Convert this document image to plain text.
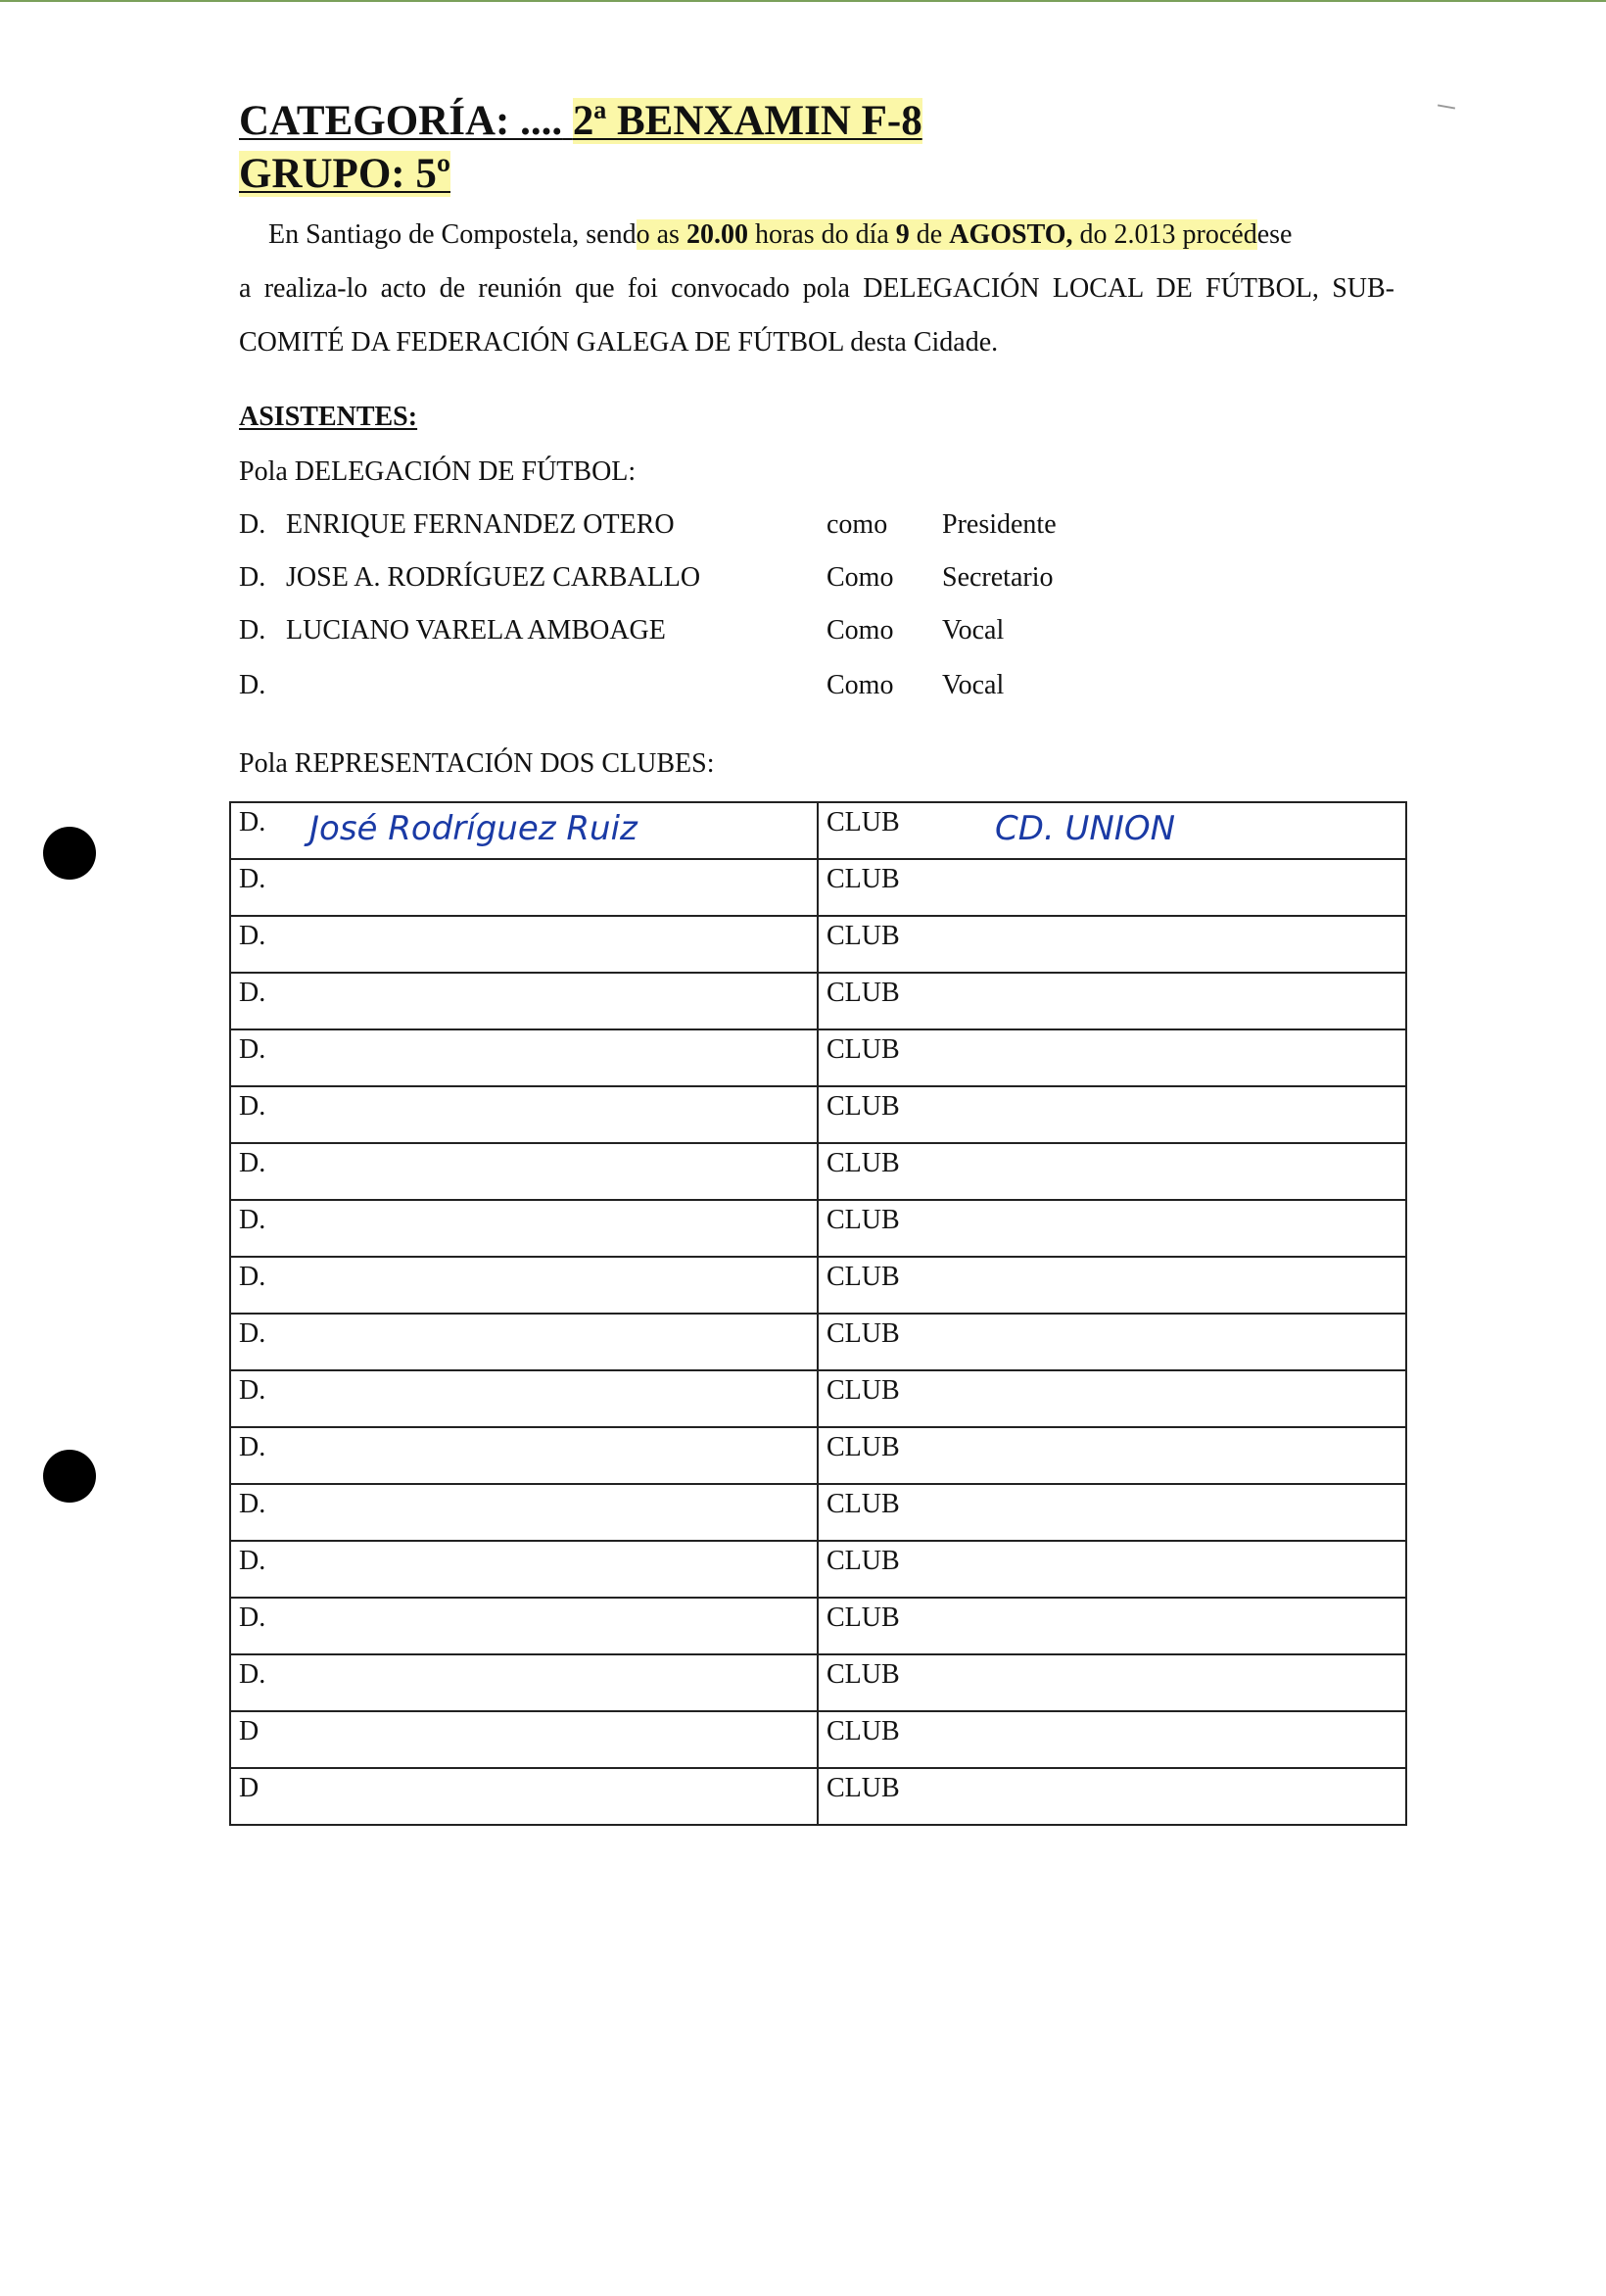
CATEGORÍA: .... 2ª BENXAMIN F-8
GRUPO: 5º

En Santiago de Compostela, sendo as 20.00 horas do día 9 de AGOSTO, do 2.013 procédese

a realiza-lo acto de reunión que foi convocado pola DELEGACIÓN LOCAL DE FÚTBOL, SUB-COMITÉ DA FEDERACIÓN GALEGA DE FÚTBOL desta Cidade.

ASISTENTES:
Pola DELEGACIÓN DE FÚTBOL:
D. ENRIQUE FERNANDEZ OTERO	como Presidente
D. JOSE A. RODRÍGUEZ CARBALLO	Como Secretario
D. LUCIANO VARELA AMBOAGE	Como Vocal
D.	Como Vocal
Pola REPRESENTACIÓN DOS CLUBES:
D. José Rodríguez Ruiz	CLUB CD. UNION

D.	CLUB
D.	CLUB
D.	CLUB
D.	CLUB
D.	CLUB
D.	CLUB
D.	CLUB
D.	CLUB
D.	CLUB
D.	CLUB
D.	CLUB
D.	CLUB
D.	CLUB
D.	CLUB
D.	CLUB
D	CLUB
D	CLUB
